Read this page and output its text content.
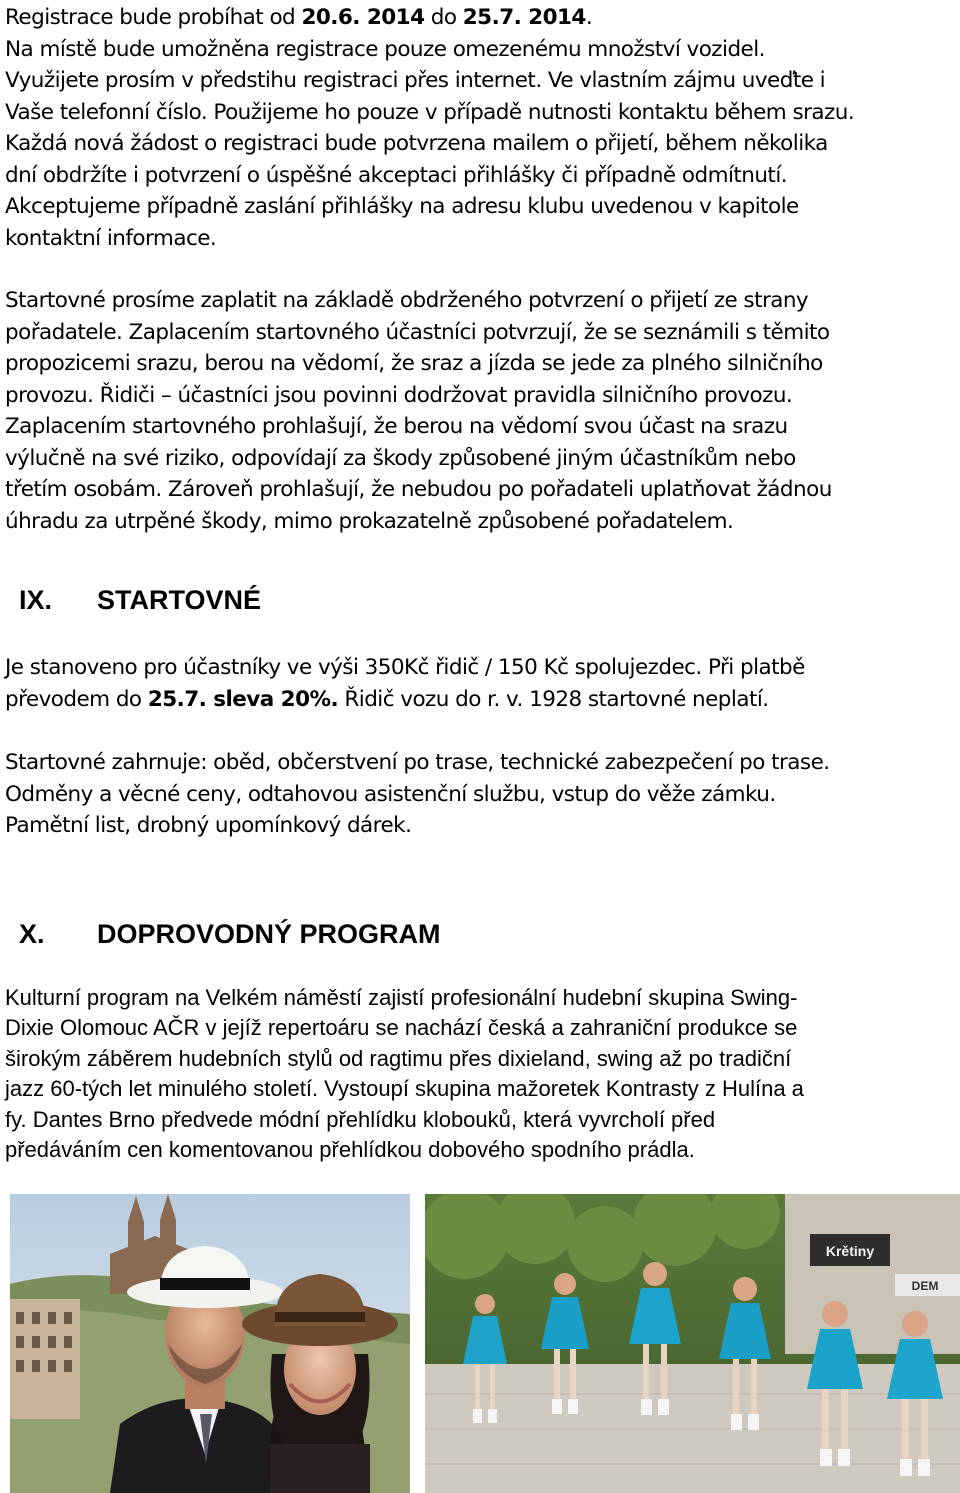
Registrace bude probíhat od 20.6. 2014 do 25.7. 2014.
Na místě bude umožněna registrace pouze omezenému množství vozidel.
Využijete prosím v předstihu registraci přes internet. Ve vlastním zájmu uveďte i
Vaše telefonní číslo. Použijeme ho pouze v případě nutnosti kontaktu během srazu.
Každá nová žádost o registraci bude potvrzena mailem o přijetí, během několika
dní obdržíte i potvrzení o úspěšné akceptaci přihlášky či případně odmítnutí.
Akceptujeme případně zaslání přihlášky na adresu klubu uvedenou v kapitole
kontaktní informace.
Startovné prosíme zaplatit na základě obdrženého potvrzení o přijetí ze strany
pořadatele. Zaplacením startovného účastníci potvrzují, že se seznámili s těmito
propozicemi srazu, berou na vědomí, že sraz a jízda se jede za plného silničního
provozu. Řidiči – účastníci jsou povinni dodržovat pravidla silničního provozu.
Zaplacením startovného prohlašují, že berou na vědomí svou účast na srazu
výlučně na své riziko, odpovídají za škody způsobené jiným účastníkům nebo
třetím osobám. Zároveň prohlašují, že nebudou po pořadateli uplatňovat žádnou
úhradu za utrpěné škody, mimo prokazatelně způsobené pořadatelem.
IX. STARTOVNÉ
Je stanoveno pro účastníky ve výši 350Kč řidič / 150 Kč spolujezdec. Při platbě
převodem do 25.7. sleva 20%. Řidič vozu do r. v. 1928 startovné neplatí.
Startovné zahrnuje: oběd, občerstvení po trase, technické zabezpečení po trase.
Odměny a věcné ceny, odtahovou asistenční službu, vstup do věže zámku.
Pamětní list, drobný upomínkový dárek.
X. DOPROVODNÝ PROGRAM
Kulturní program na Velkém náměstí zajistí profesionální hudební skupina Swing-
Dixie Olomouc AČR v jejíž repertoáru se nachází česká a zahraniční produkce se
širokým záběrem hudebních stylů od ragtimu přes dixieland, swing až po tradiční
jazz 60-tých let minulého století. Vystoupí skupina mažoretek Kontrasty z Hulína a
fy. Dantes Brno předvede módní přehlídku klobouků, která vyvrcholí před
předáváním cen komentovanou přehlídkou dobového spodního prádla.
Krětiny
DEM
